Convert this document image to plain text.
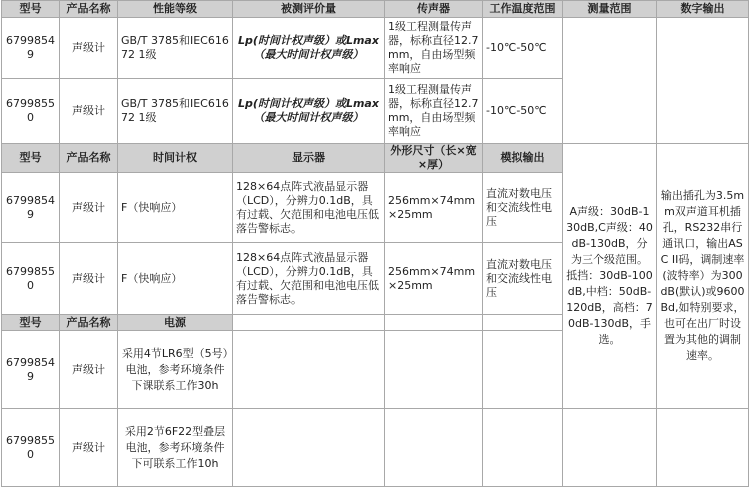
型号	产品名称	性能等级	被测评价量	传声器	工作温度范围	测量范围	数字输出
67998549	声级计	GB/T 3785和IEC61672 1级	Lp(时间计权声级）或Lmax（最大时间计权声级）	1级工程测量传声器，标称直径12.7mm，自由场型频率响应	-10℃-50℃		
67998550	声级计	GB/T 3785和IEC61672 1级	Lp(时间计权声级）或Lmax（最大时间计权声级）	1级工程测量传声器，标称直径12.7mm，自由场型频率响应	-10℃-50℃		
型号	产品名称	时间计权	显示器	外形尺寸（长×宽×厚）	模拟输出	A声级：30dB-130dB,C声级：40dB-130dB，分为三个级范围。抵挡：30dB-100dB,中档：50dB-120dB，高档：70dB-130dB，手选。	输出插孔为3.5mm双声道耳机插孔，RS232串行通讯口，输出ASC II码，调制速率(波特率）为300dB(默认)或9600Bd,如特别要求，也可在出厂时设置为其他的调制速率。
67998549	声级计	F（快响应）	128×64点阵式液晶显示器（LCD），分辨力0.1dB，具有过载、欠范围和电池电压低落告警标志。	256mm×74mm×25mm	直流对数电压和交流线性电压		
67998550	声级计	F（快响应）	128×64点阵式液晶显示器（LCD），分辨力0.1dB，具有过载、欠范围和电池电压低落告警标志。	256mm×74mm×25mm	直流对数电压和交流线性电压		
型号	产品名称	电源					
67998549	声级计	采用4节LR6型（5号）电池，参考环境条件下课联系工作30h					
67998550	声级计	采用2节6F22型叠层电池，参考环境条件下可联系工作10h					
